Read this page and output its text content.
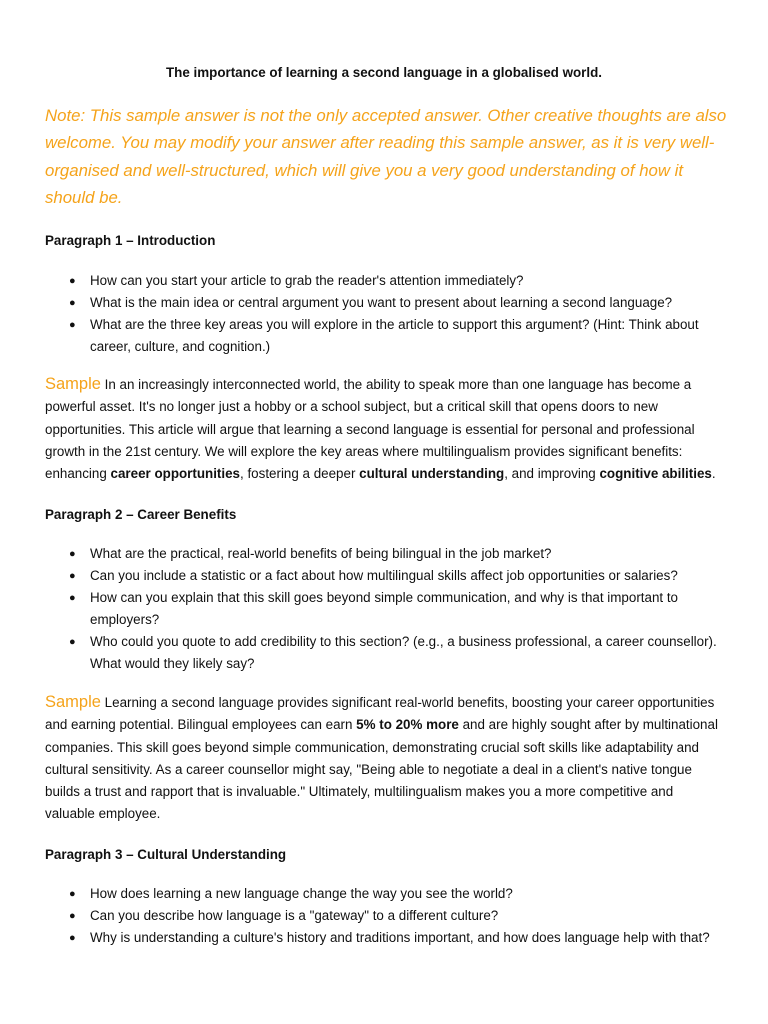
The importance of learning a second language in a globalised world.
Note: This sample answer is not the only accepted answer. Other creative thoughts are also welcome. You may modify your answer after reading this sample answer, as it is very well-organised and well-structured, which will give you a very good understanding of how it should be.
Paragraph 1 – Introduction
● How can you start your article to grab the reader's attention immediately?
● What is the main idea or central argument you want to present about learning a second language?
● What are the three key areas you will explore in the article to support this argument? (Hint: Think about career, culture, and cognition.)
Sample In an increasingly interconnected world, the ability to speak more than one language has become a powerful asset. It's no longer just a hobby or a school subject, but a critical skill that opens doors to new opportunities. This article will argue that learning a second language is essential for personal and professional growth in the 21st century. We will explore the key areas where multilingualism provides significant benefits: enhancing career opportunities, fostering a deeper cultural understanding, and improving cognitive abilities.
Paragraph 2 – Career Benefits
● What are the practical, real-world benefits of being bilingual in the job market?
● Can you include a statistic or a fact about how multilingual skills affect job opportunities or salaries?
● How can you explain that this skill goes beyond simple communication, and why is that important to employers?
● Who could you quote to add credibility to this section? (e.g., a business professional, a career counsellor). What would they likely say?
Sample Learning a second language provides significant real-world benefits, boosting your career opportunities and earning potential. Bilingual employees can earn 5% to 20% more and are highly sought after by multinational companies. This skill goes beyond simple communication, demonstrating crucial soft skills like adaptability and cultural sensitivity. As a career counsellor might say, "Being able to negotiate a deal in a client's native tongue builds a trust and rapport that is invaluable." Ultimately, multilingualism makes you a more competitive and valuable employee.
Paragraph 3 – Cultural Understanding
● How does learning a new language change the way you see the world?
● Can you describe how language is a "gateway" to a different culture?
● Why is understanding a culture's history and traditions important, and how does language help with that?
